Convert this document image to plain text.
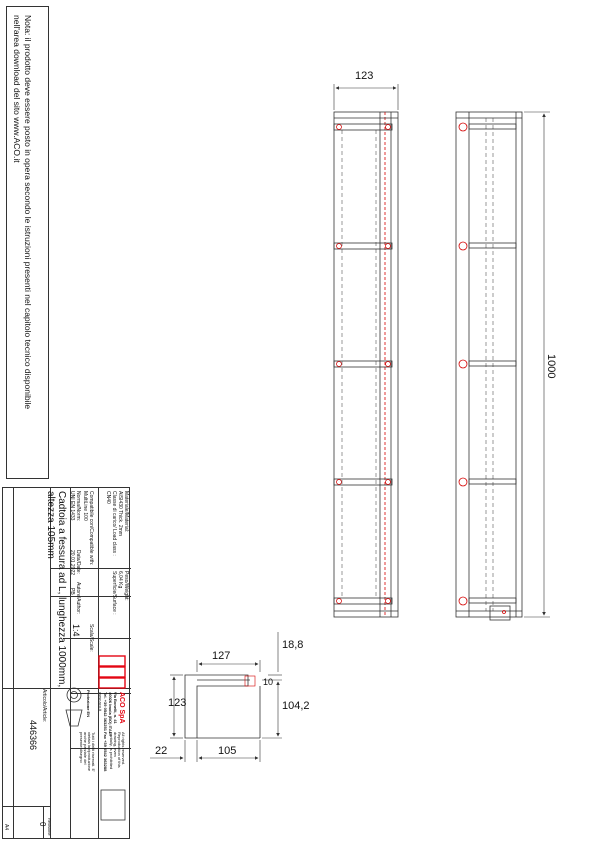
Nota: il prodotto deve essere posto in opera secondo le istruzioni presenti nel capitolo tecnico disponibile
nell'area download del sito www.ACO.it
Materiale/Material:
AISI430 Thick. 2mm
Classe di carico/ Load class :
CN40
Peso/Weight:
6,04 Kg
Superficie/Surface :
Compatibile con/Compatible with:
MultiLine 100
Norma/Norm:
UNI EN 1433
Data/Date:
20.01.2022
Autore/Author:
PB
Scala/Scale:
1:4
Cadtoia a fessura ad L, lunghezza 1000mm,
altezza 105mm
Articolo/Article:
446366
Revisione
0
A4
ACO SpA
Via Bonelli, n. 41
40026 Imola (BO) ITALY
Tel. +39 0542 363251 Fax +39 0542 363288
www.aco.it
Protezione EN
Tutti i diritti riservati. E' vietata la riproduzione anche parziale del presente disegno	All rights reserved. Reproduction of this drawing, even partially, is prohibited
123
1000
127
18,8
10
123	104,2
105
22
